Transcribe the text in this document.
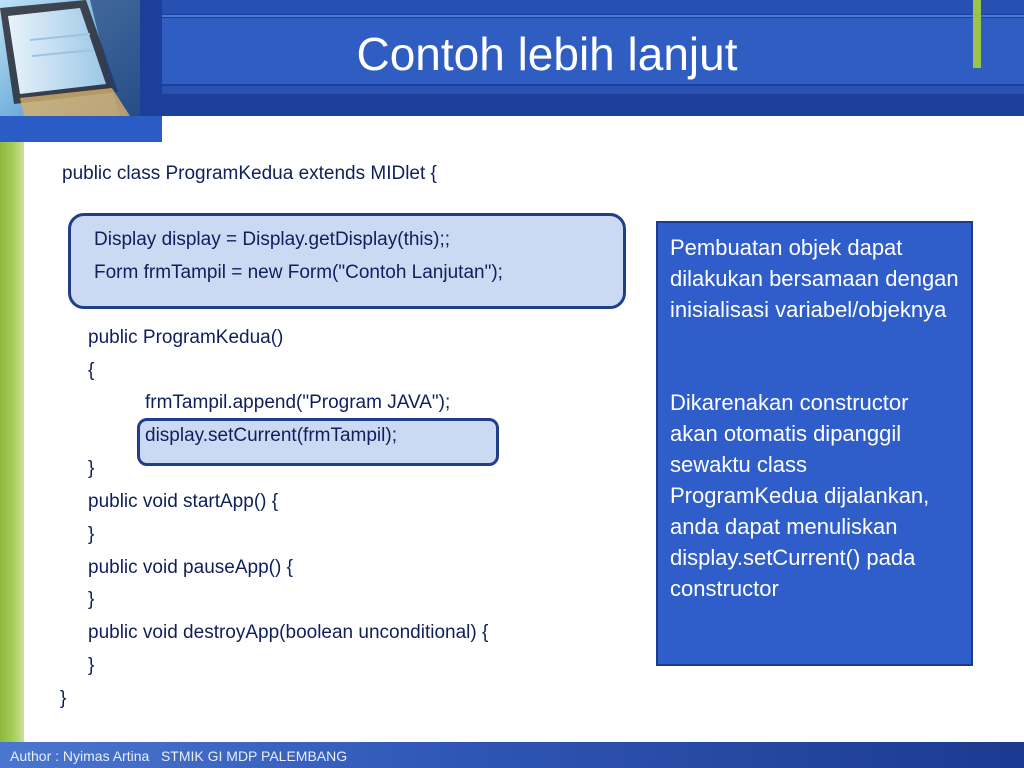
Contoh lebih lanjut
public class ProgramKedua extends MIDlet {
Display display = Display.getDisplay(this);;
Form frmTampil = new Form("Contoh Lanjutan");
public ProgramKedua()
{
frmTampil.append("Program JAVA");
display.setCurrent(frmTampil);
}
public void startApp() {
}
public void pauseApp() {
}
public void destroyApp(boolean unconditional) {
}
}

Pembuatan objek dapat dilakukan bersamaan dengan inisialisasi variabel/objeknya

Dikarenakan constructor akan otomatis dipanggil sewaktu class ProgramKedua dijalankan, anda dapat menuliskan display.setCurrent() pada constructor

Author : Nyimas Artina   STMIK GI MDP PALEMBANG
